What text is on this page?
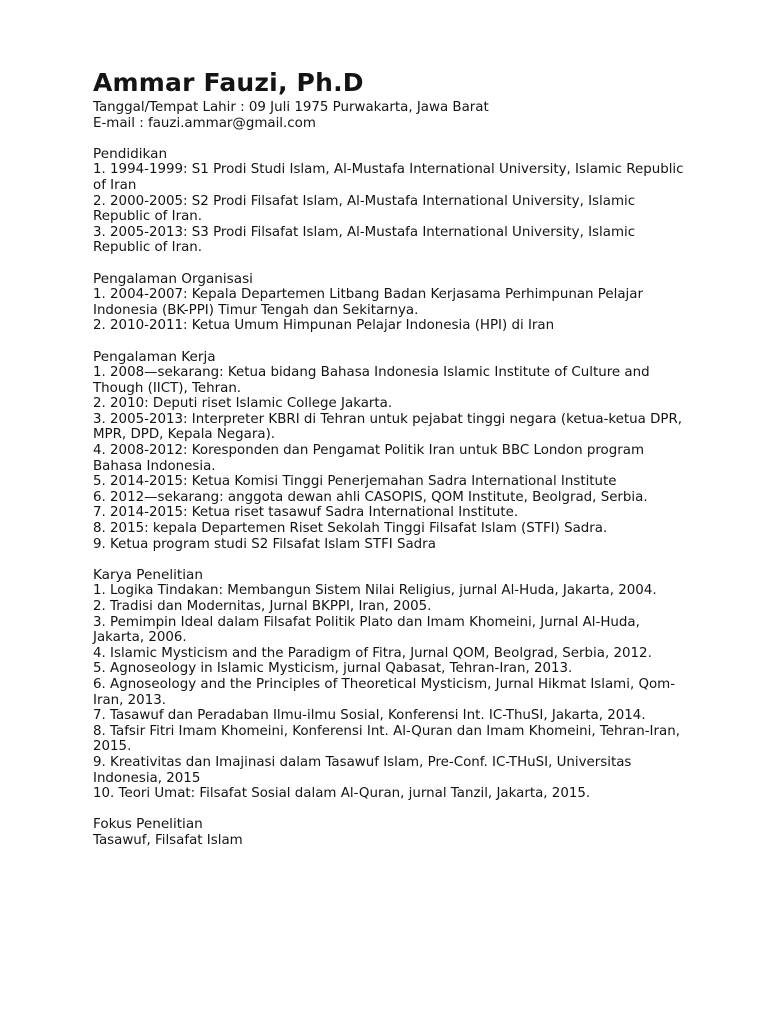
Ammar Fauzi, Ph.D

Tanggal/Tempat Lahir : 09 Juli 1975 Purwakarta, Jawa Barat

E-mail : fauzi.ammar@gmail.com

Pendidikan
1. 1994-1999: S1 Prodi Studi Islam, Al-Mustafa International University, Islamic Republic of Iran
2. 2000-2005: S2 Prodi Filsafat Islam, Al-Mustafa International University, Islamic Republic of Iran.
3. 2005-2013: S3 Prodi Filsafat Islam, Al-Mustafa International University, Islamic Republic of Iran.
Pengalaman Organisasi
1. 2004-2007: Kepala Departemen Litbang Badan Kerjasama Perhimpunan Pelajar Indonesia (BK-PPI) Timur Tengah dan Sekitarnya.
2. 2010-2011: Ketua Umum Himpunan Pelajar Indonesia (HPI) di Iran
Pengalaman Kerja
1. 2008—sekarang: Ketua bidang Bahasa Indonesia Islamic Institute of Culture and Though (IICT), Tehran.
2. 2010: Deputi riset Islamic College Jakarta.
3. 2005-2013: Interpreter KBRI di Tehran untuk pejabat tinggi negara (ketua-ketua DPR, MPR, DPD, Kepala Negara).
4. 2008-2012: Koresponden dan Pengamat Politik Iran untuk BBC London program Bahasa Indonesia.
5. 2014-2015: Ketua Komisi Tinggi Penerjemahan Sadra International Institute
6. 2012—sekarang: anggota dewan ahli CASOPIS, QOM Institute, Beolgrad, Serbia.
7. 2014-2015: Ketua riset tasawuf Sadra International Institute.
8. 2015: kepala Departemen Riset Sekolah Tinggi Filsafat Islam (STFI) Sadra.
9. Ketua program studi S2 Filsafat Islam STFI Sadra
Karya Penelitian
1. Logika Tindakan: Membangun Sistem Nilai Religius, jurnal Al-Huda, Jakarta, 2004.
2. Tradisi dan Modernitas, Jurnal BKPPI, Iran, 2005.
3. Pemimpin Ideal dalam Filsafat Politik Plato dan Imam Khomeini, Jurnal Al-Huda, Jakarta, 2006.
4. Islamic Mysticism and the Paradigm of Fitra, Jurnal QOM, Beolgrad, Serbia, 2012.
5. Agnoseology in Islamic Mysticism, jurnal Qabasat, Tehran-Iran, 2013.
6. Agnoseology and the Principles of Theoretical Mysticism, Jurnal Hikmat Islami, Qom-Iran, 2013.
7. Tasawuf dan Peradaban Ilmu-ilmu Sosial, Konferensi Int. IC-ThuSI, Jakarta, 2014.
8. Tafsir Fitri Imam Khomeini, Konferensi Int. Al-Quran dan Imam Khomeini, Tehran-Iran, 2015.
9. Kreativitas dan Imajinasi dalam Tasawuf Islam, Pre-Conf. IC-THuSI, Universitas Indonesia, 2015
10. Teori Umat: Filsafat Sosial dalam Al-Quran, jurnal Tanzil, Jakarta, 2015.
Fokus Penelitian
Tasawuf, Filsafat Islam
